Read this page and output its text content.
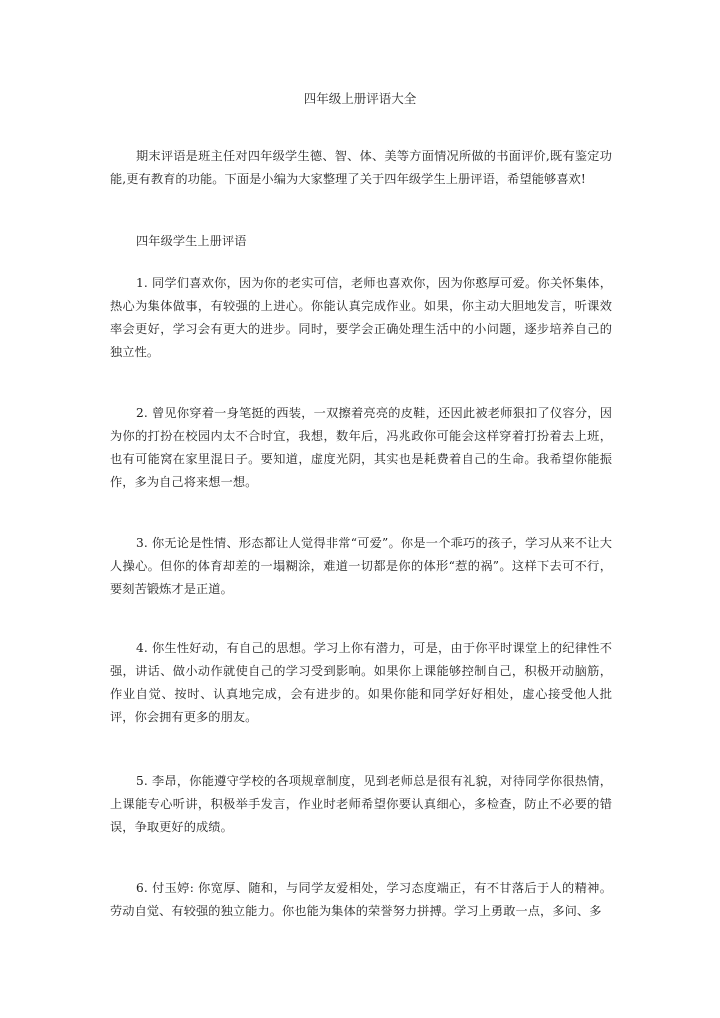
四年级上册评语大全

期末评语是班主任对四年级学生德、智、体、美等方面情况所做的书面评价,既有鉴定功能,更有教育的功能。下面是小编为大家整理了关于四年级学生上册评语，希望能够喜欢!

四年级学生上册评语

1. 同学们喜欢你，因为你的老实可信，老师也喜欢你，因为你憨厚可爱。你关怀集体，热心为集体做事，有较强的上进心。你能认真完成作业。如果，你主动大胆地发言，听课效率会更好，学习会有更大的进步。同时，要学会正确处理生活中的小问题，逐步培养自己的独立性。

2. 曾见你穿着一身笔挺的西装，一双擦着亮亮的皮鞋，还因此被老师狠扣了仪容分，因为你的打扮在校园内太不合时宜，我想，数年后，冯兆政你可能会这样穿着打扮着去上班，也有可能窝在家里混日子。要知道，虚度光阴，其实也是耗费着自己的生命。我希望你能振作，多为自己将来想一想。

3. 你无论是性情、形态都让人觉得非常“可爱”。你是一个乖巧的孩子，学习从来不让大人操心。但你的体育却差的一塌糊涂，难道一切都是你的体形“惹的祸”。这样下去可不行，要刻苦锻炼才是正道。

4. 你生性好动，有自己的思想。学习上你有潜力，可是，由于你平时课堂上的纪律性不强，讲话、做小动作就使自己的学习受到影响。如果你上课能够控制自己，积极开动脑筋，作业自觉、按时、认真地完成，会有进步的。如果你能和同学好好相处，虚心接受他人批评，你会拥有更多的朋友。

5. 李昂，你能遵守学校的各项规章制度，见到老师总是很有礼貌，对待同学你很热情，上课能专心听讲，积极举手发言，作业时老师希望你要认真细心，多检查，防止不必要的错误，争取更好的成绩。

6. 付玉婷: 你宽厚、随和，与同学友爱相处，学习态度端正，有不甘落后于人的精神。劳动自觉、有较强的独立能力。你也能为集体的荣誉努力拼搏。学习上勇敢一点，多问、多
